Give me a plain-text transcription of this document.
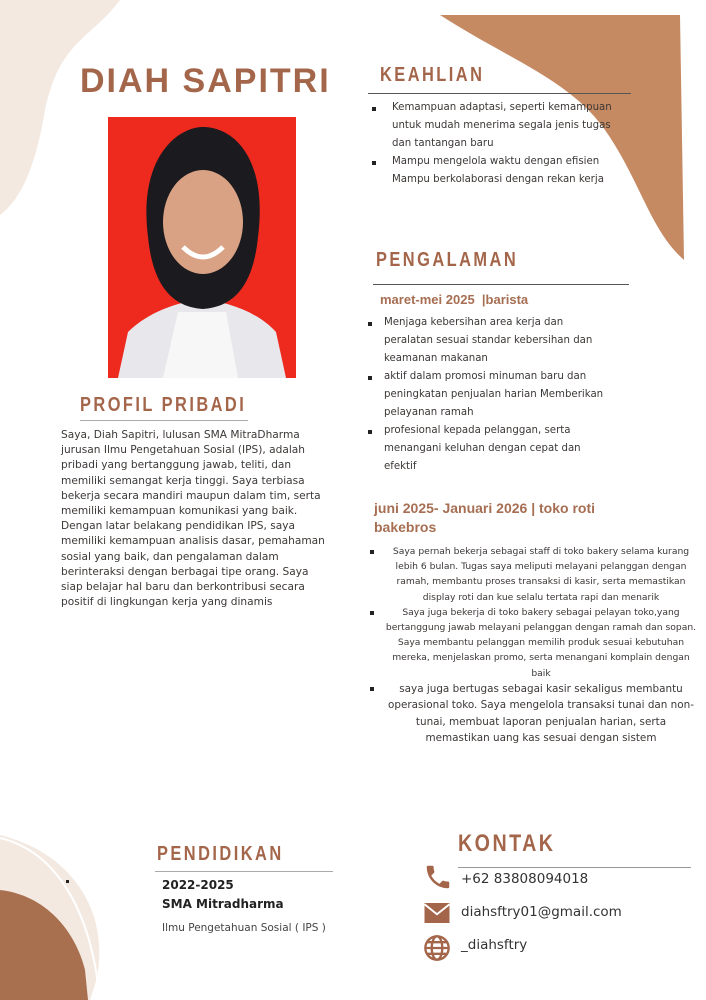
DIAH SAPITRI
PROFIL PRIBADI
Saya, Diah Sapitri, lulusan SMA MitraDharma jurusan Ilmu Pengetahuan Sosial (IPS), adalah pribadi yang bertanggung jawab, teliti, dan memiliki semangat kerja tinggi. Saya terbiasa bekerja secara mandiri maupun dalam tim, serta memiliki kemampuan komunikasi yang baik. Dengan latar belakang pendidikan IPS, saya memiliki kemampuan analisis dasar, pemahaman sosial yang baik, dan pengalaman dalam berinteraksi dengan berbagai tipe orang. Saya siap belajar hal baru dan berkontribusi secara positif di lingkungan kerja yang dinamis
KEAHLIAN
Kemampuan adaptasi, seperti kemampuan untuk mudah menerima segala jenis tugas dan tantangan baru
Mampu mengelola waktu dengan efisien Mampu berkolaborasi dengan rekan kerja
PENGALAMAN
maret-mei 2025  |barista
Menjaga kebersihan area kerja dan peralatan sesuai standar kebersihan dan keamanan makanan
aktif dalam promosi minuman baru dan peningkatan penjualan harian Memberikan pelayanan ramah
profesional kepada pelanggan, serta menangani keluhan dengan cepat dan efektif
juni 2025- Januari 2026 | toko roti bakebros
Saya pernah bekerja sebagai staff di toko bakery selama kurang lebih 6 bulan. Tugas saya meliputi melayani pelanggan dengan ramah, membantu proses transaksi di kasir, serta memastikan display roti dan kue selalu tertata rapi dan menarik
Saya juga bekerja di toko bakery sebagai pelayan toko,yang bertanggung jawab melayani pelanggan dengan ramah dan sopan. Saya membantu pelanggan memilih produk sesuai kebutuhan mereka, menjelaskan promo, serta menangani komplain dengan baik
saya juga bertugas sebagai kasir sekaligus membantu operasional toko. Saya mengelola transaksi tunai dan non-tunai, membuat laporan penjualan harian, serta memastikan uang kas sesuai dengan sistem
PENDIDIKAN
2022-2025
SMA Mitradharma
Ilmu Pengetahuan Sosial ( IPS )
KONTAK
+62 83808094018
diahsftry01@gmail.com
_diahsftry
